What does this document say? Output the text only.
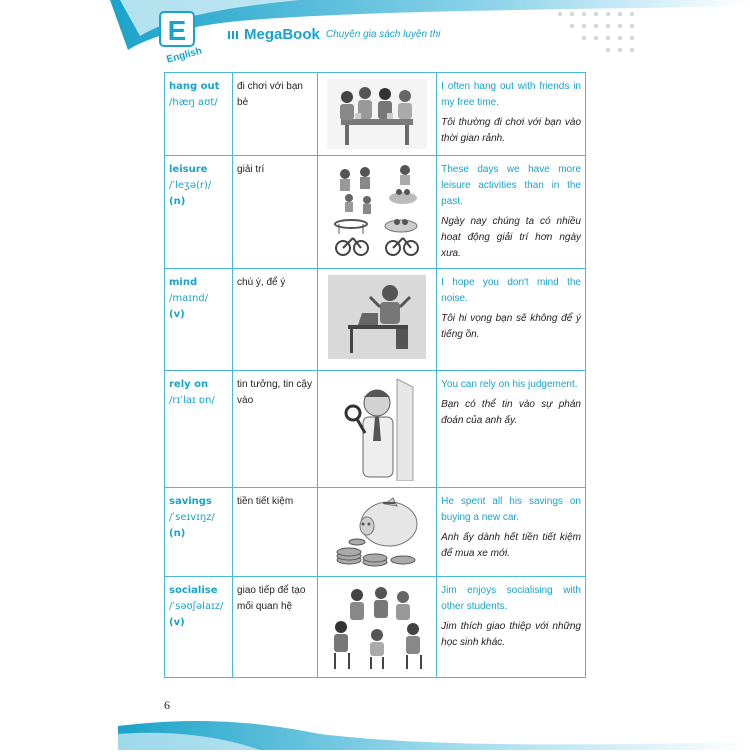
E
English
MegaBook Chuyên gia sách luyện thi
hang out
/hæŋ aʊt/	đi chơi với bạn bè		I often hang out with friends in my free time.
Tôi thường đi chơi với bạn vào thời gian rảnh.

leisure
/ˈleʒə(r)/
(n)	giải trí		These days we have more leisure activities than in the past.
Ngày nay chúng ta có nhiều hoạt động giải trí hơn ngày xưa.

mind
/maɪnd/
(v)	chú ý, để ý		I hope you don't mind the noise.
Tôi hi vọng bạn sẽ không để ý tiếng ồn.

rely on
/rɪˈlaɪ ɒn/	tin tưởng, tin cậy vào		You can rely on his judgement.
Bạn có thể tin vào sự phán đoán của anh ấy.

savings
/ˈseɪvɪŋz/
(n)	tiền tiết kiệm		He spent all his savings on buying a new car.
Anh ấy dành hết tiền tiết kiệm để mua xe mới.

socialise
/ˈsəʊʃəlaɪz/
(v)	giao tiếp để tạo mối quan hệ		Jim enjoys socialising with other students.
Jim thích giao thiệp với những học sinh khác.
6
